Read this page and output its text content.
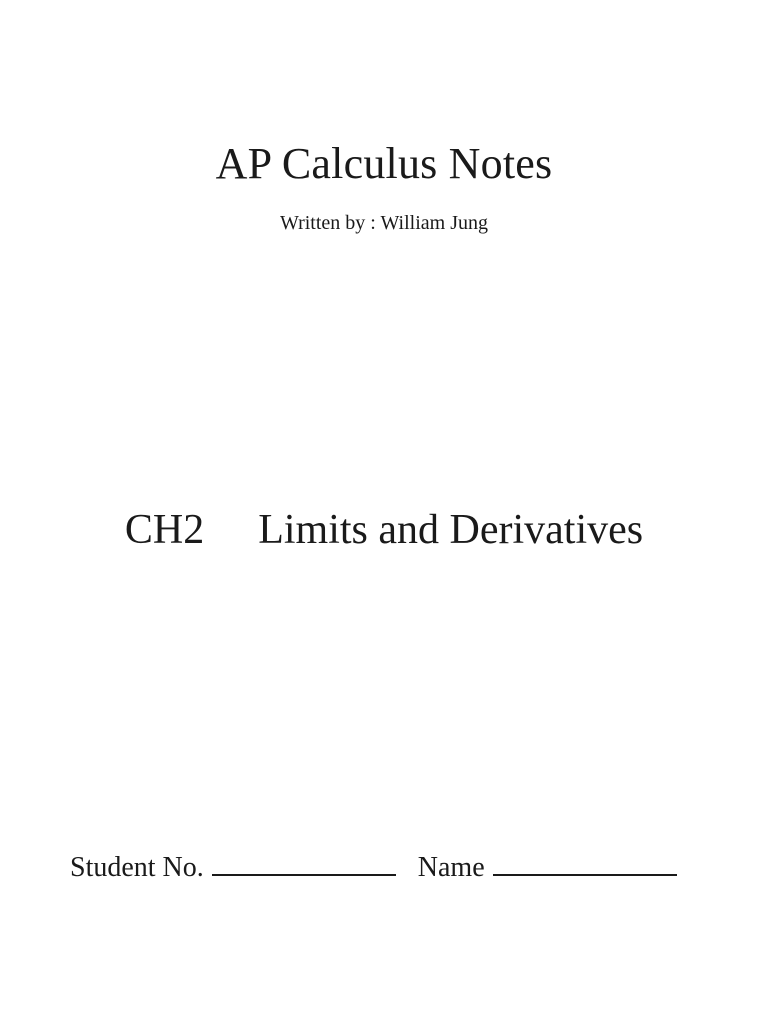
AP Calculus Notes
Written by : William Jung
CH2 Limits and Derivatives
Student No.	Name
